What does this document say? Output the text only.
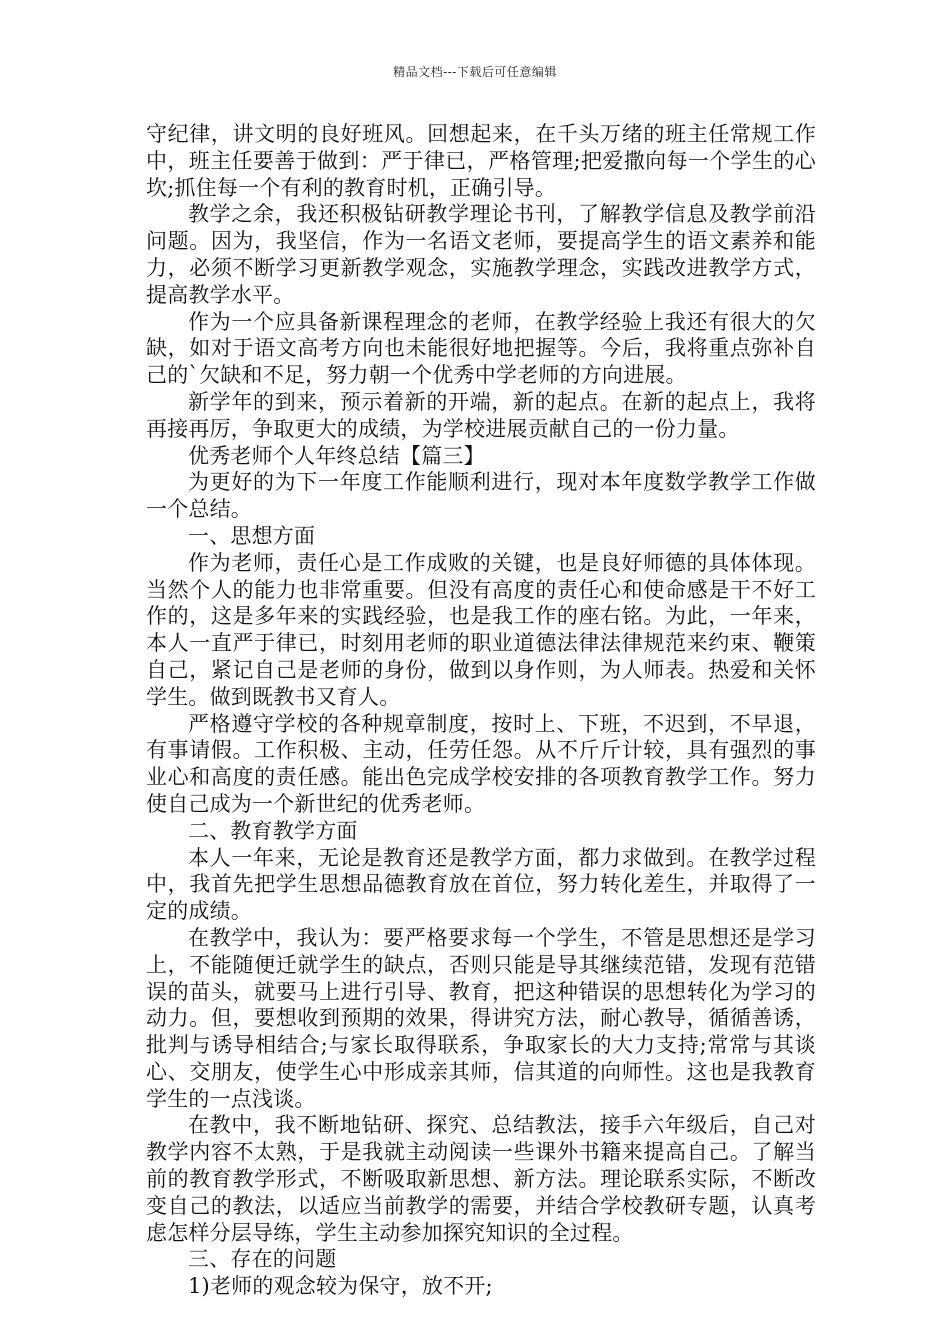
精品文档---下载后可任意编辑

守纪律，讲文明的良好班风。回想起来，在千头万绪的班主任常规工作中，班主任要善于做到：严于律已，严格管理;把爱撒向每一个学生的心坎;抓住每一个有利的教育时机，正确引导。

教学之余，我还积极钻研教学理论书刊，了解教学信息及教学前沿问题。因为，我坚信，作为一名语文老师，要提高学生的语文素养和能力，必须不断学习更新教学观念，实施教学理念，实践改进教学方式，提高教学水平。

作为一个应具备新课程理念的老师，在教学经验上我还有很大的欠缺，如对于语文高考方向也未能很好地把握等。今后，我将重点弥补自己的`欠缺和不足，努力朝一个优秀中学老师的方向进展。

新学年的到来，预示着新的开端，新的起点。在新的起点上，我将再接再厉，争取更大的成绩，为学校进展贡献自己的一份力量。

优秀老师个人年终总结【篇三】

为更好的为下一年度工作能顺利进行，现对本年度数学教学工作做一个总结。

一、思想方面

作为老师，责任心是工作成败的关键，也是良好师德的具体体现。当然个人的能力也非常重要。但没有高度的责任心和使命感是干不好工作的，这是多年来的实践经验，也是我工作的座右铭。为此，一年来，本人一直严于律已，时刻用老师的职业道德法律法律规范来约束、鞭策自己，紧记自己是老师的身份，做到以身作则，为人师表。热爱和关怀学生。做到既教书又育人。

严格遵守学校的各种规章制度，按时上、下班，不迟到，不早退，有事请假。工作积极、主动，任劳任怨。从不斤斤计较，具有强烈的事业心和高度的责任感。能出色完成学校安排的各项教育教学工作。努力使自己成为一个新世纪的优秀老师。

二、教育教学方面

本人一年来，无论是教育还是教学方面，都力求做到。在教学过程中，我首先把学生思想品德教育放在首位，努力转化差生，并取得了一定的成绩。

在教学中，我认为：要严格要求每一个学生，不管是思想还是学习上，不能随便迁就学生的缺点，否则只能是导其继续范错，发现有范错误的苗头，就要马上进行引导、教育，把这种错误的思想转化为学习的动力。但，要想收到预期的效果，得讲究方法，耐心教导，循循善诱，批判与诱导相结合;与家长取得联系，争取家长的大力支持;常常与其谈心、交朋友，使学生心中形成亲其师，信其道的向师性。这也是我教育学生的一点浅谈。

在教中，我不断地钻研、探究、总结教法，接手六年级后，自己对教学内容不太熟，于是我就主动阅读一些课外书籍来提高自己。了解当前的教育教学形式，不断吸取新思想、新方法。理论联系实际，不断改变自己的教法，以适应当前教学的需要，并结合学校教研专题，认真考虑怎样分层导练，学生主动参加探究知识的全过程。

三、存在的问题

1)老师的观念较为保守，放不开;
